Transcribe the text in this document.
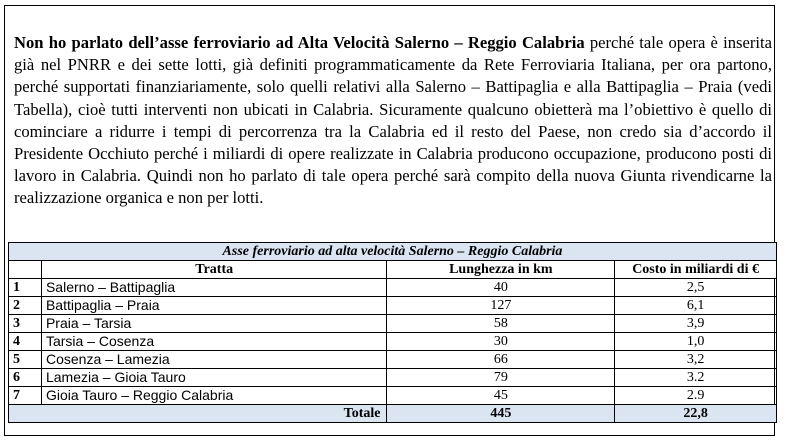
Non ho parlato dell’asse ferroviario ad Alta Velocità Salerno – Reggio Calabria perché tale opera è inserita già nel PNRR e dei sette lotti, già definiti programmaticamente da Rete Ferroviaria Italiana, per ora partono, perché supportati finanziariamente, solo quelli relativi alla Salerno – Battipaglia e alla Battipaglia – Praia (vedi Tabella), cioè tutti interventi non ubicati in Calabria. Sicuramente qualcuno obietterà ma l’obiettivo è quello di cominciare a ridurre i tempi di percorrenza tra la Calabria ed il resto del Paese, non credo sia d’accordo il Presidente Occhiuto perché i miliardi di opere realizzate in Calabria producono occupazione, producono posti di lavoro in Calabria. Quindi non ho parlato di tale opera perché sarà compito della nuova Giunta rivendicarne la realizzazione organica e non per lotti.
Asse ferroviario ad alta velocità Salerno – Reggio Calabria			
	Tratta	Lunghezza in km	Costo in miliardi di €
1	Salerno – Battipaglia	40	2,5
2	Battipaglia – Praia	127	6,1
3	Praia – Tarsia	58	3,9
4	Tarsia – Cosenza	30	1,0
5	Cosenza – Lamezia	66	3,2
6	Lamezia – Gioia Tauro	79	3.2
7	Gioia Tauro – Reggio Calabria	45	2.9
Totale		445	22,8
